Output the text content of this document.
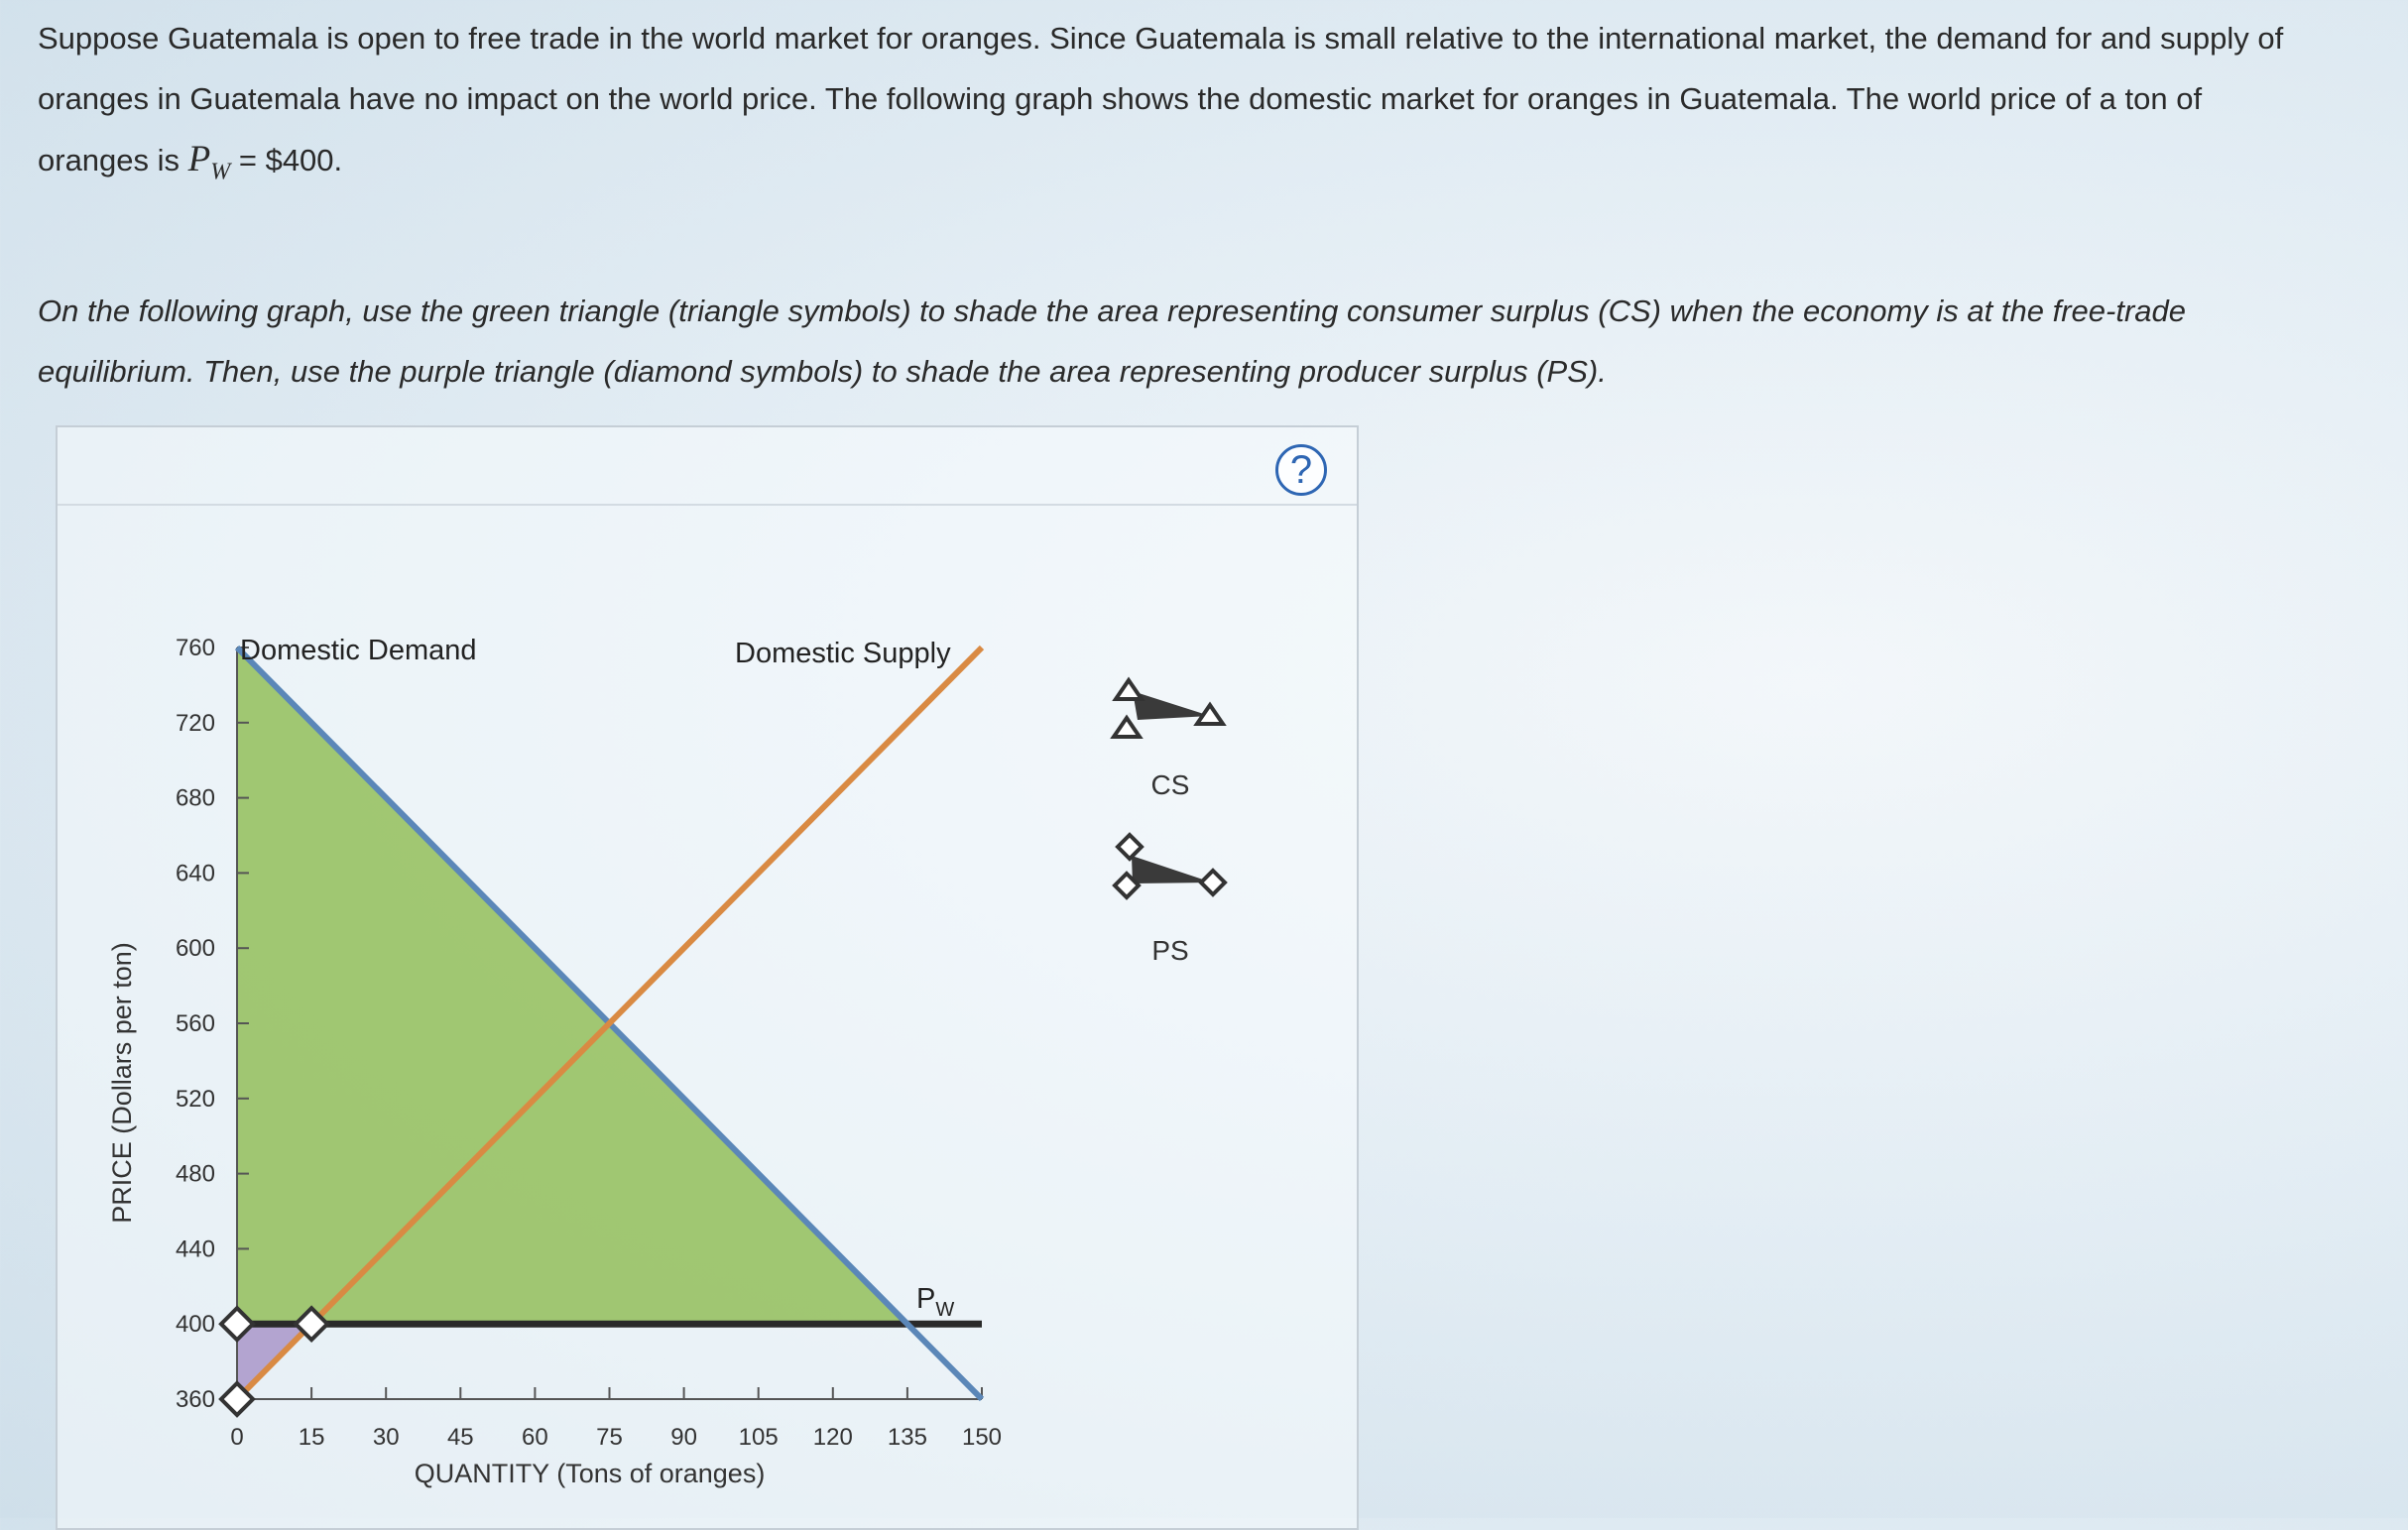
Suppose Guatemala is open to free trade in the world market for oranges. Since Guatemala is small relative to the international market, the demand for and supply of oranges in Guatemala have no impact on the world price. The following graph shows the domestic market for oranges in Guatemala. The world price of a ton of oranges is $P_W$ = $400.
On the following graph, use the green triangle (triangle symbols) to shade the area representing consumer surplus (CS) when the economy is at the free-trade equilibrium. Then, use the purple triangle (diamond symbols) to shade the area representing producer surplus (PS).
?
360
400
440
480
520
560
600
640
680
720
760
0 15 30 45 60 75 90 105 120 135 150
QUANTITY (Tons of oranges)
PRICE (Dollars per ton)
Domestic Demand	Domestic Supply
$P_W$
CS
PS
